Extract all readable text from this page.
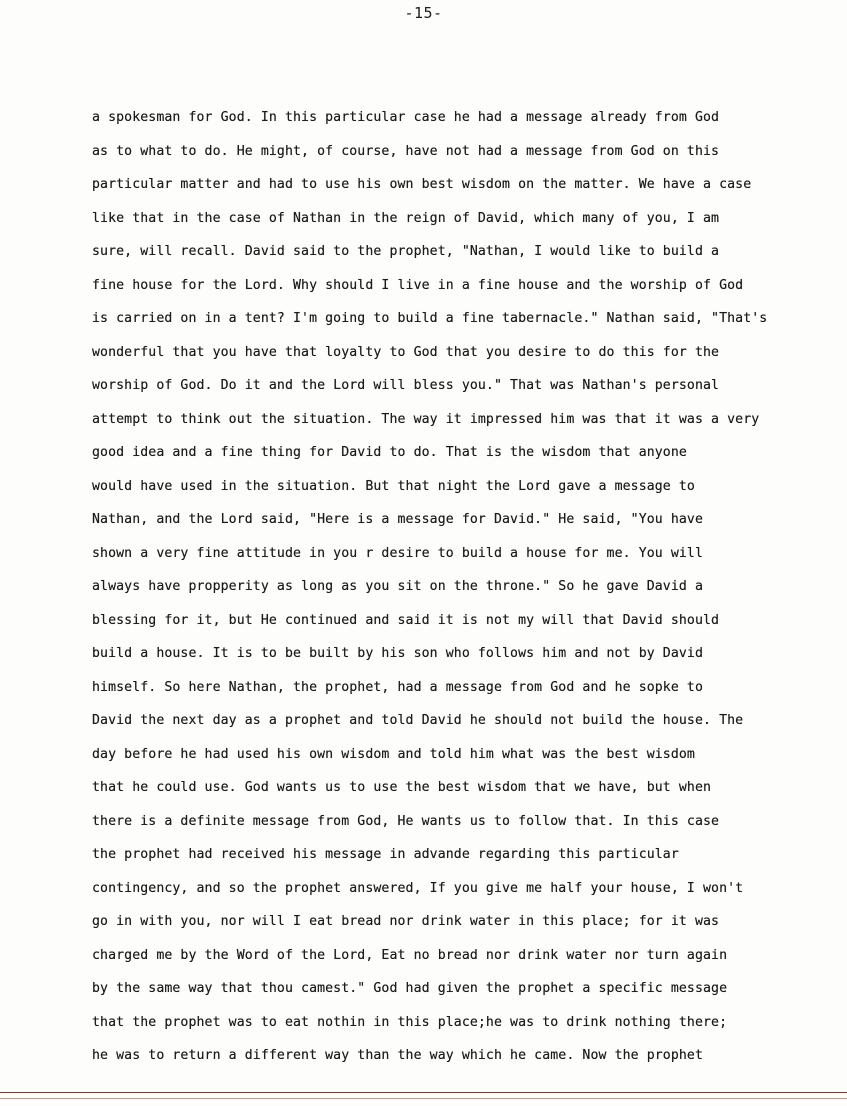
-15-
a spokesman for God. In this particular case he had a message already from God
as to what to do. He might, of course, have not had a message from God on this
particular matter and had to use his own best wisdom on the matter. We have a case
like that in the case of Nathan in the reign of David, which many of you, I am
sure, will recall. David said to the prophet, "Nathan, I would like to build a
fine house for the Lord. Why should I live in a fine house and the worship of God
is carried on in a tent? I'm going to build a fine tabernacle." Nathan said, "That's
wonderful that you have that loyalty to God that you desire to do this for the
worship of God. Do it and the Lord will bless you." That was Nathan's personal
attempt to think out the situation. The way it impressed him was that it was a very
good idea and a fine thing for David to do. That is the wisdom that anyone
would have used in the situation. But that night the Lord gave a message to
Nathan, and the Lord said, "Here is a message for David." He said, "You have
shown a very fine attitude in you r desire to build a house for me. You will
always have propperity as long as you sit on the throne." So he gave David a
blessing for it, but He continued and said it is not my will that David should
build a house. It is to be built by his son who follows him and not by David
himself. So here Nathan, the prophet, had a message from God and he sopke to
David the next day as a prophet and told David he should not build the house. The
day before he had used his own wisdom and told him what was the best wisdom
that he could use. God wants us to use the best wisdom that we have, but when
there is a definite message from God, He wants us to follow that. In this case
the prophet had received his message in advande regarding this particular
contingency, and so the prophet answered, If you give me half your house, I won't
go in with you, nor will I eat bread nor drink water in this place; for it was
charged me by the Word of the Lord, Eat no bread nor drink water nor turn again
by the same way that thou camest." God had given the prophet a specific message
that the prophet was to eat nothin in this place;he was to drink nothing there;
he was to return a different way than the way which he came. Now the prophet
